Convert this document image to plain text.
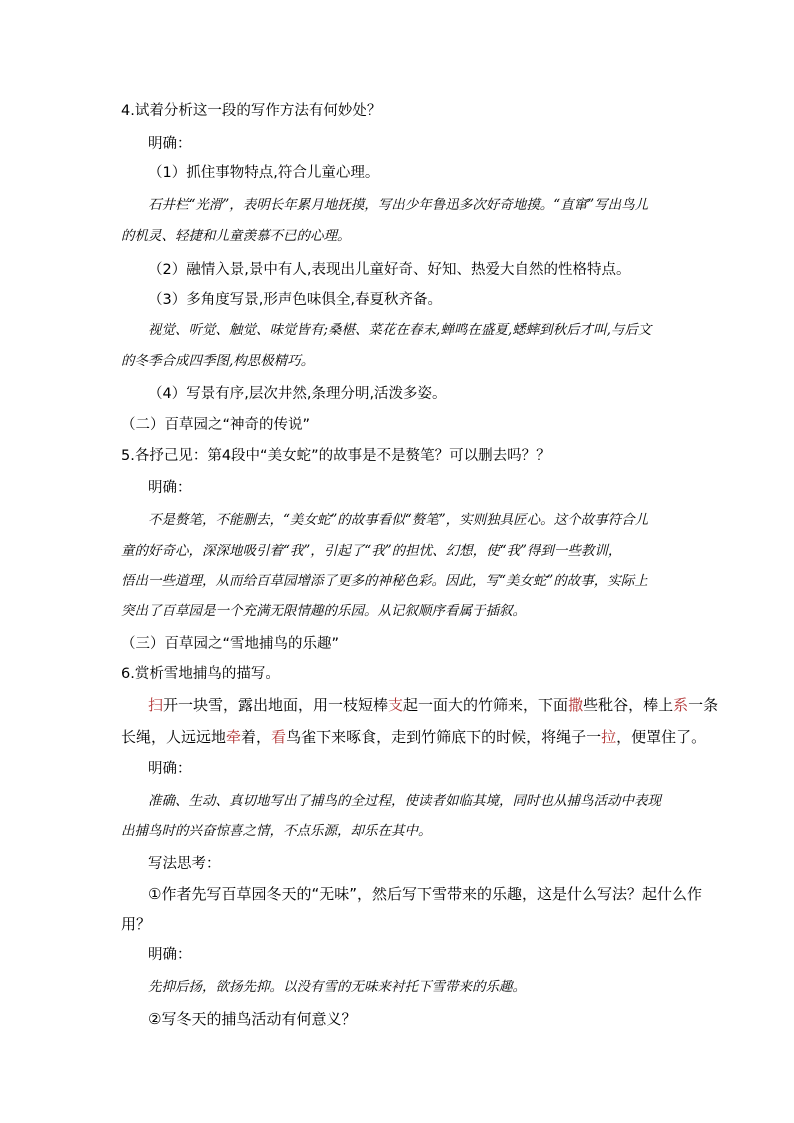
4.试着分析这一段的写作方法有何妙处？
明确：
（1）抓住事物特点,符合儿童心理。
石井栏“光滑”，表明长年累月地抚摸，写出少年鲁迅多次好奇地摸。“直窜”写出鸟儿
的机灵、轻捷和儿童羡慕不已的心理。
（2）融情入景,景中有人,表现出儿童好奇、好知、热爱大自然的性格特点。
（3）多角度写景,形声色味俱全,春夏秋齐备。
视觉、听觉、触觉、味觉皆有;桑椹、菜花在春末,蝉鸣在盛夏,蟋蟀到秋后才叫,与后文
的冬季合成四季图,构思极精巧。
（4）写景有序,层次井然,条理分明,活泼多姿。
（二）百草园之“神奇的传说”
5.各抒己见：第4段中“美女蛇”的故事是不是赘笔？可以删去吗？？
明确：
不是赘笔，不能删去，“美女蛇”的故事看似“赘笔”，实则独具匠心。这个故事符合儿
童的好奇心，深深地吸引着“我”，引起了“我”的担忧、幻想，使“我”得到一些教训，
悟出一些道理，从而给百草园增添了更多的神秘色彩。因此，写“美女蛇”的故事，实际上
突出了百草园是一个充满无限情趣的乐园。从记叙顺序看属于插叙。
（三）百草园之“雪地捕鸟的乐趣”
6.赏析雪地捕鸟的描写。
扫开一块雪，露出地面，用一枝短棒支起一面大的竹筛来，下面撒些秕谷，棒上系一条
长绳，人远远地牵着，看鸟雀下来啄食，走到竹筛底下的时候，将绳子一拉，便罩住了。
明确：
准确、生动、真切地写出了捕鸟的全过程，使读者如临其境，同时也从捕鸟活动中表现
出捕鸟时的兴奋惊喜之情，不点乐源，却乐在其中。
写法思考：
①作者先写百草园冬天的“无味”，然后写下雪带来的乐趣，这是什么写法？起什么作
用？
明确：
先抑后扬，欲扬先抑。以没有雪的无味来衬托下雪带来的乐趣。
②写冬天的捕鸟活动有何意义？
